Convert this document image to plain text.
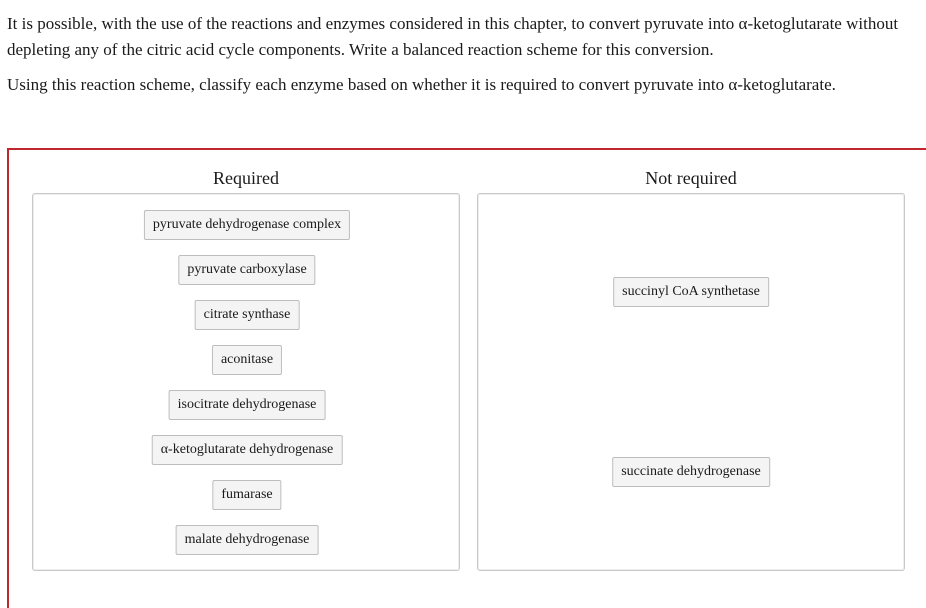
It is possible, with the use of the reactions and enzymes considered in this chapter, to convert pyruvate into α-ketoglutarate without depleting any of the citric acid cycle components. Write a balanced reaction scheme for this conversion.

Using this reaction scheme, classify each enzyme based on whether it is required to convert pyruvate into α-ketoglutarate.

Required	Not required
pyruvate dehydrogenase complex
pyruvate carboxylase
citrate synthase
aconitase
isocitrate dehydrogenase
α-ketoglutarate dehydrogenase
fumarase
malate dehydrogenase
succinyl CoA synthetase
succinate dehydrogenase
